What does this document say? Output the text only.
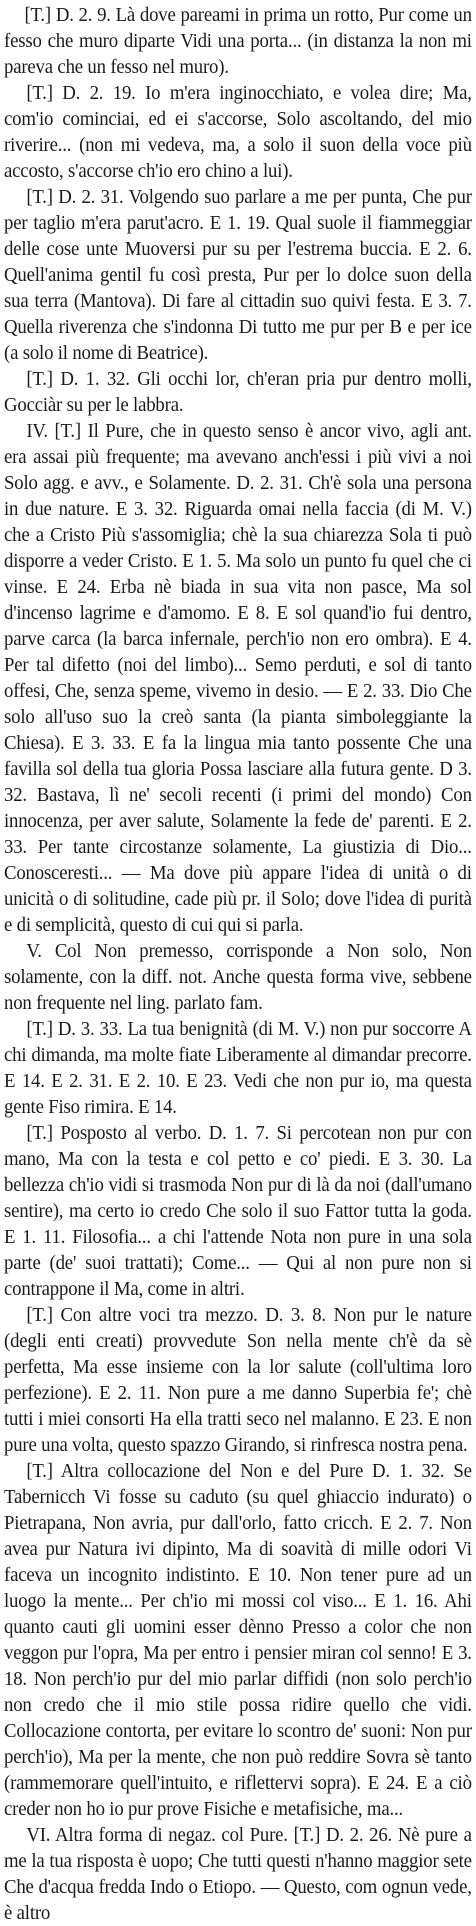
[T.] D. 2. 9. Là dove pareami in prima un rotto, Pur come un fesso che muro diparte Vidi una porta... (in distanza la non mi pareva che un fesso nel muro).

[T.] D. 2. 19. Io m'era inginocchiato, e volea dire; Ma, com'io cominciai, ed ei s'accorse, Solo ascoltando, del mio riverire... (non mi vedeva, ma, a solo il suon della voce più accosto, s'accorse ch'io ero chino a lui).

[T.] D. 2. 31. Volgendo suo parlare a me per punta, Che pur per taglio m'era parut'acro. E 1. 19. Qual suole il fiammeggiar delle cose unte Muoversi pur su per l'estrema buccia. E 2. 6. Quell'anima gentil fu così presta, Pur per lo dolce suon della sua terra (Mantova). Di fare al cittadin suo quivi festa. E 3. 7. Quella riverenza che s'indonna Di tutto me pur per B e per ice (a solo il nome di Beatrice).

[T.] D. 1. 32. Gli occhi lor, ch'eran pria pur dentro molli, Gocciàr su per le labbra.

IV. [T.] Il Pure, che in questo senso è ancor vivo, agli ant. era assai più frequente; ma avevano anch'essi i più vivi a noi Solo agg. e avv., e Solamente. D. 2. 31. Ch'è sola una persona in due nature. E 3. 32. Riguarda omai nella faccia (di M. V.) che a Cristo Più s'assomiglia; chè la sua chiarezza Sola ti può disporre a veder Cristo. E 1. 5. Ma solo un punto fu quel che ci vinse. E 24. Erba nè biada in sua vita non pasce, Ma sol d'incenso lagrime e d'amomo. E 8. E sol quand'io fui dentro, parve carca (la barca infernale, perch'io non ero ombra). E 4. Per tal difetto (noi del limbo)... Semo perduti, e sol di tanto offesi, Che, senza speme, vivemo in desio. — E 2. 33. Dio Che solo all'uso suo la creò santa (la pianta simboleggiante la Chiesa). E 3. 33. E fa la lingua mia tanto possente Che una favilla sol della tua gloria Possa lasciare alla futura gente. D 3. 32. Bastava, lì ne' secoli recenti (i primi del mondo) Con innocenza, per aver salute, Solamente la fede de' parenti. E 2. 33. Per tante circostanze solamente, La giustizia di Dio... Conosceresti... — Ma dove più appare l'idea di unità o di unicità o di solitudine, cade più pr. il Solo; dove l'idea di purità e di semplicità, questo di cui qui si parla.

V. Col Non premesso, corrisponde a Non solo, Non solamente, con la diff. not. Anche questa forma vive, sebbene non frequente nel ling. parlato fam.

[T.] D. 3. 33. La tua benignità (di M. V.) non pur soccorre A chi dimanda, ma molte fiate Liberamente al dimandar precorre. E 14. E 2. 31. E 2. 10. E 23. Vedi che non pur io, ma questa gente Fiso rimira. E 14.

[T.] Posposto al verbo. D. 1. 7. Si percotean non pur con mano, Ma con la testa e col petto e co' piedi. E 3. 30. La bellezza ch'io vidi si trasmoda Non pur di là da noi (dall'umano sentire), ma certo io credo Che solo il suo Fattor tutta la goda. E 1. 11. Filosofia... a chi l'attende Nota non pure in una sola parte (de' suoi trattati); Come... — Qui al non pure non si contrappone il Ma, come in altri.

[T.] Con altre voci tra mezzo. D. 3. 8. Non pur le nature (degli enti creati) provvedute Son nella mente ch'è da sè perfetta, Ma esse insieme con la lor salute (coll'ultima loro perfezione). E 2. 11. Non pure a me danno Superbia fe'; chè tutti i miei consorti Ha ella tratti seco nel malanno. E 23. E non pure una volta, questo spazzo Girando, si rinfresca nostra pena.

[T.] Altra collocazione del Non e del Pure D. 1. 32. Se Tabernicch Vi fosse su caduto (su quel ghiaccio indurato) o Pietrapana, Non avria, pur dall'orlo, fatto cricch. E 2. 7. Non avea pur Natura ivi dipinto, Ma di soavità di mille odori Vi faceva un incognito indistinto. E 10. Non tener pure ad un luogo la mente... Per ch'io mi mossi col viso... E 1. 16. Ahi quanto cauti gli uomini esser dènno Presso a color che non veggon pur l'opra, Ma per entro i pensier miran col senno! E 3. 18. Non perch'io pur del mio parlar diffidi (non solo perch'io non credo che il mio stile possa ridire quello che vidi. Collocazione contorta, per evitare lo scontro de' suoni: Non pur perch'io), Ma per la mente, che non può reddire Sovra sè tanto (rammemorare quell'intuito, e riflettervi sopra). E 24. E a ciò creder non ho io pur prove Fisiche e metafisiche, ma...

VI. Altra forma di negaz. col Pure. [T.] D. 2. 26. Nè pure a me la tua risposta è uopo; Che tutti questi n'hanno maggior sete Che d'acqua fredda Indo o Etiopo. — Questo, com ognun vede, è altro
